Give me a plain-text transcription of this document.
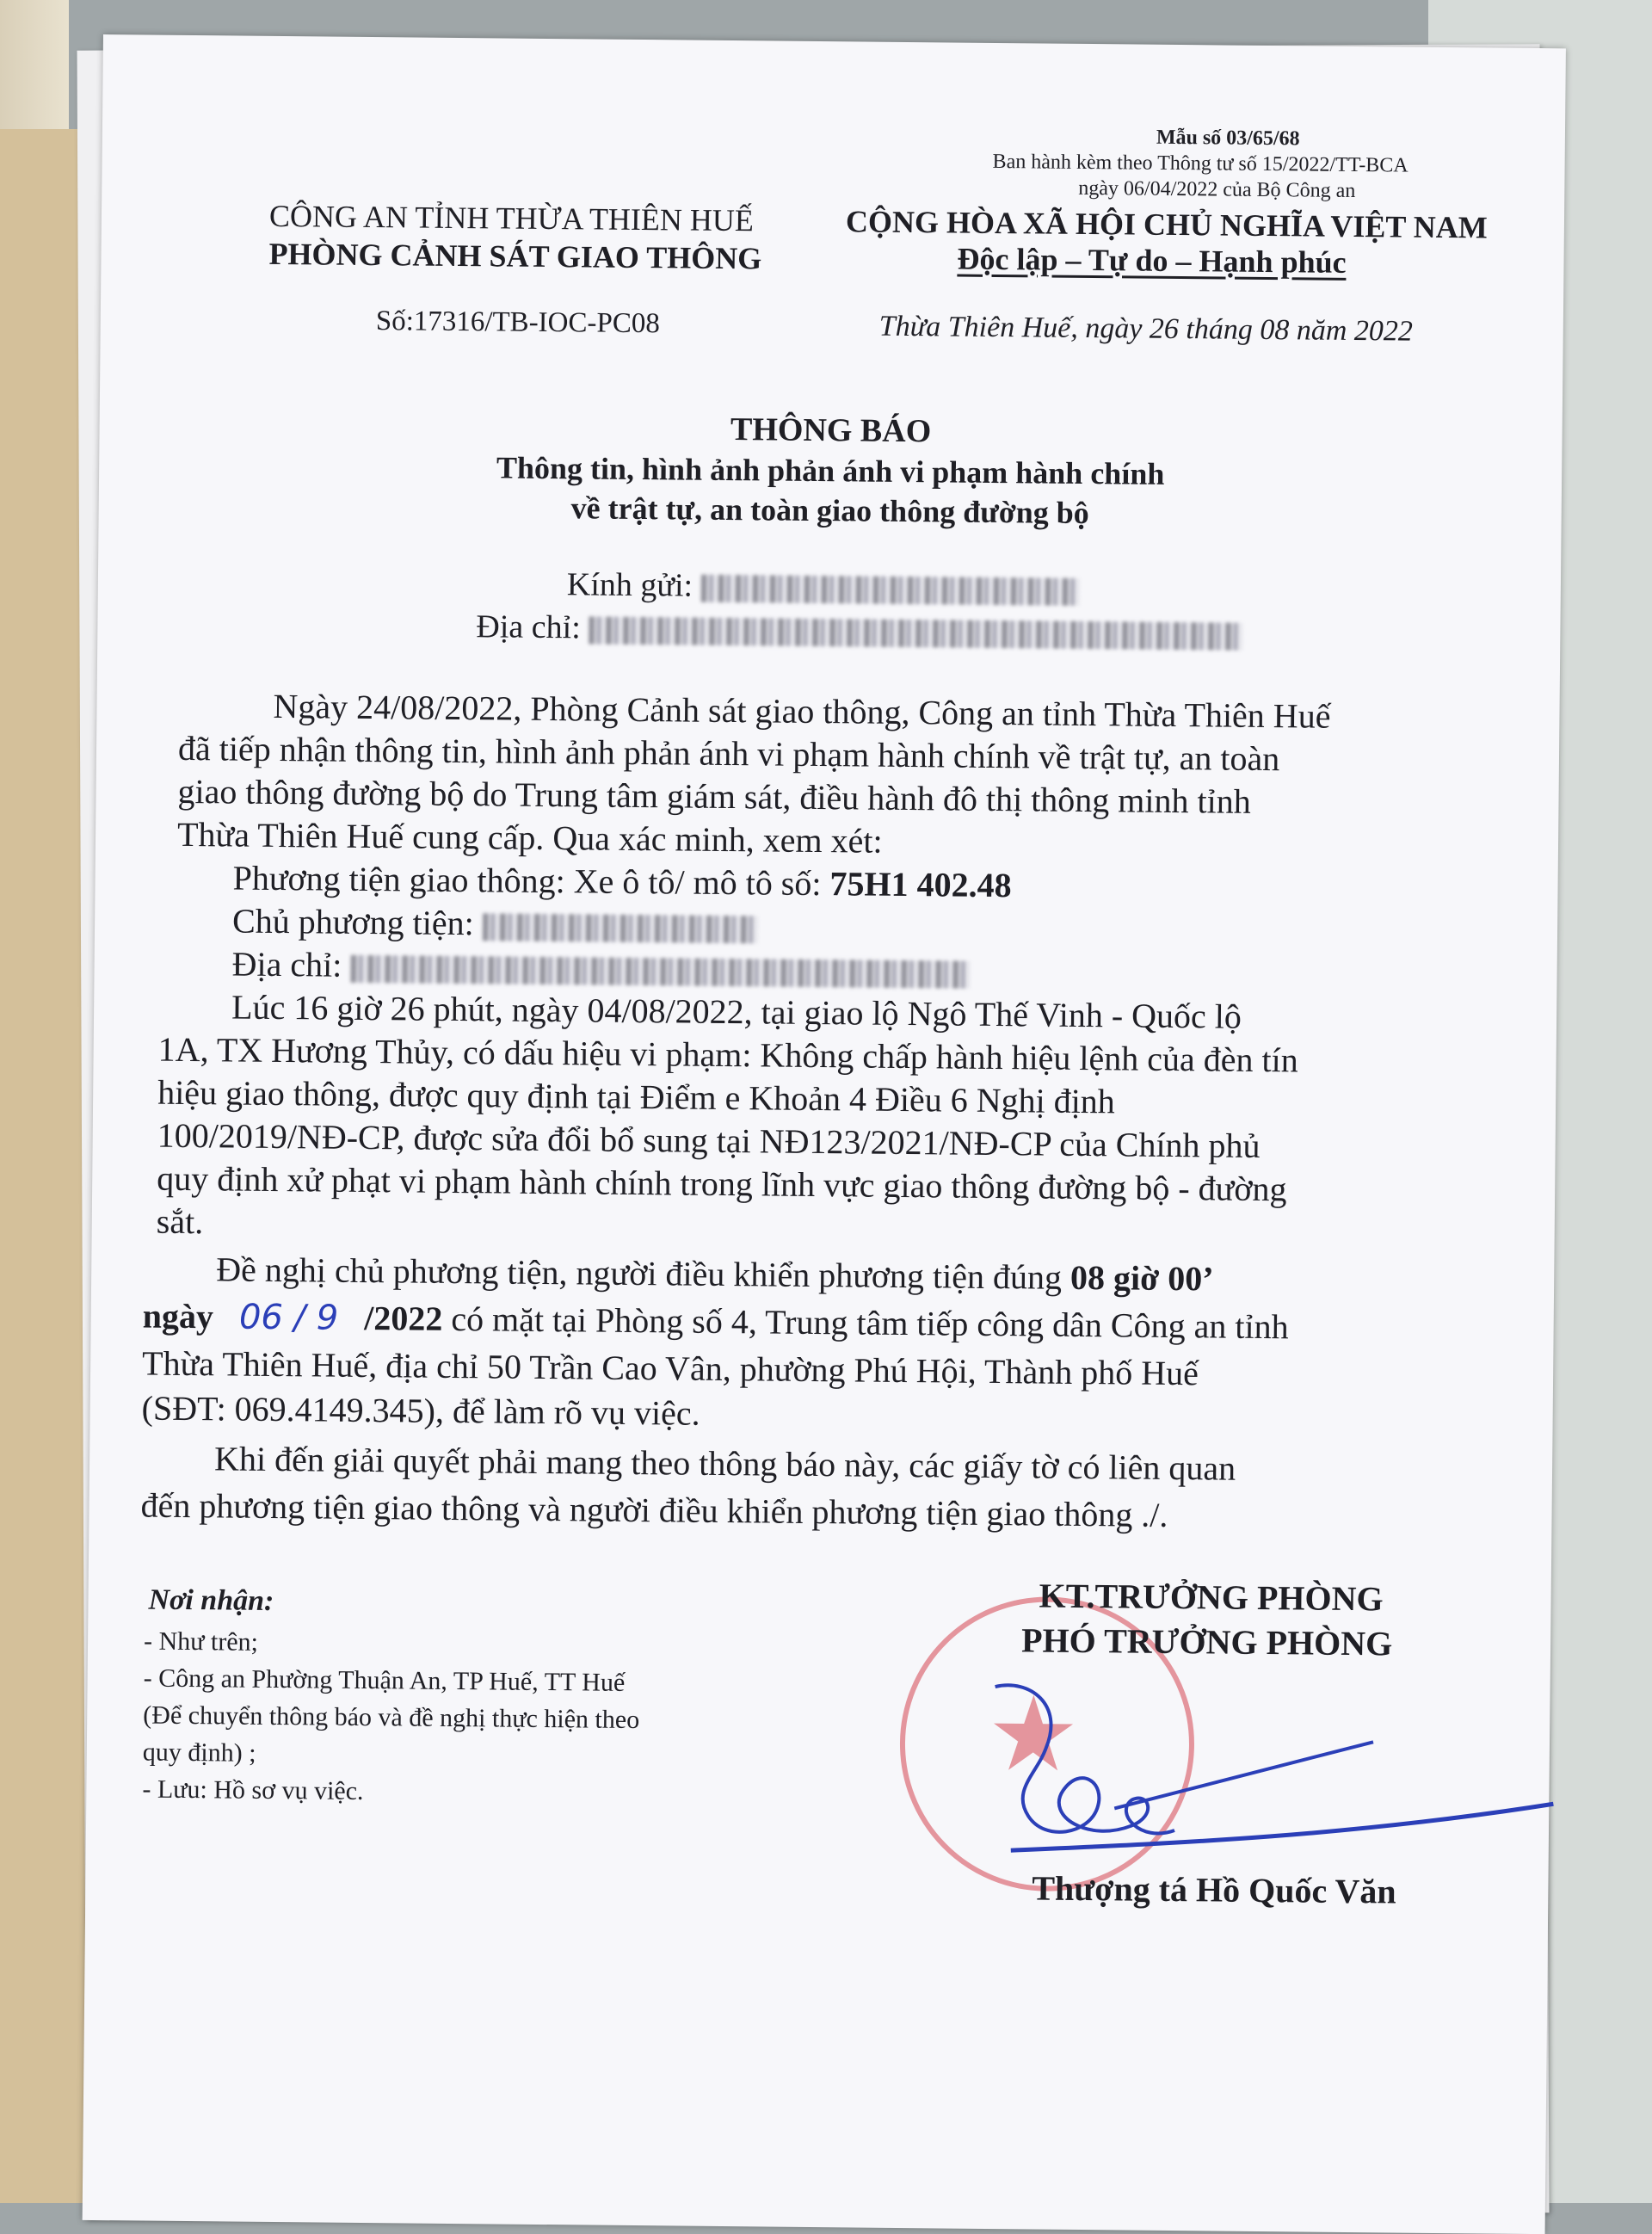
Mẫu số 03/65/68
Ban hành kèm theo Thông tư số 15/2022/TT-BCA
ngày 06/04/2022 của Bộ Công an
CÔNG AN TỈNH THỪA THIÊN HUẾ
PHÒNG CẢNH SÁT GIAO THÔNG
Số:17316/TB-IOC-PC08
CỘNG HÒA XÃ HỘI CHỦ NGHĨA VIỆT NAM
Độc lập – Tự do – Hạnh phúc
Thừa Thiên Huế, ngày 26 tháng 08 năm 2022
THÔNG BÁO
Thông tin, hình ảnh phản ánh vi phạm hành chính
về trật tự, an toàn giao thông đường bộ
Kính gửi:
Địa chỉ:
Ngày 24/08/2022, Phòng Cảnh sát giao thông, Công an tỉnh Thừa Thiên Huế
đã tiếp nhận thông tin, hình ảnh phản ánh vi phạm hành chính về trật tự, an toàn
giao thông đường bộ do Trung tâm giám sát, điều hành đô thị thông minh tỉnh
Thừa Thiên Huế cung cấp. Qua xác minh, xem xét:
Phương tiện giao thông: Xe ô tô/ mô tô số: 75H1 402.48
Chủ phương tiện:
Địa chỉ:
Lúc 16 giờ 26 phút, ngày 04/08/2022, tại giao lộ Ngô Thế Vinh - Quốc lộ
1A, TX Hương Thủy, có dấu hiệu vi phạm: Không chấp hành hiệu lệnh của đèn tín
hiệu giao thông, được quy định tại Điểm e Khoản 4 Điều 6 Nghị định
100/2019/NĐ-CP, được sửa đổi bổ sung tại NĐ123/2021/NĐ-CP của Chính phủ
quy định xử phạt vi phạm hành chính trong lĩnh vực giao thông đường bộ - đường
sắt.
Đề nghị chủ phương tiện, người điều khiển phương tiện đúng 08 giờ 00’
ngày 06 / 9 /2022 có mặt tại Phòng số 4, Trung tâm tiếp công dân Công an tỉnh
Thừa Thiên Huế, địa chỉ 50 Trần Cao Vân, phường Phú Hội, Thành phố Huế
(SĐT: 069.4149.345), để làm rõ vụ việc.
Khi đến giải quyết phải mang theo thông báo này, các giấy tờ có liên quan
đến phương tiện giao thông và người điều khiển phương tiện giao thông ./.
Nơi nhận:
- Như trên;
- Công an Phường Thuận An, TP Huế, TT Huế
(Để chuyển thông báo và đề nghị thực hiện theo
quy định) ;
- Lưu: Hồ sơ vụ việc.	★
KT.TRƯỞNG PHÒNG
PHÓ TRƯỞNG PHÒNG
Thượng tá Hồ Quốc Văn
